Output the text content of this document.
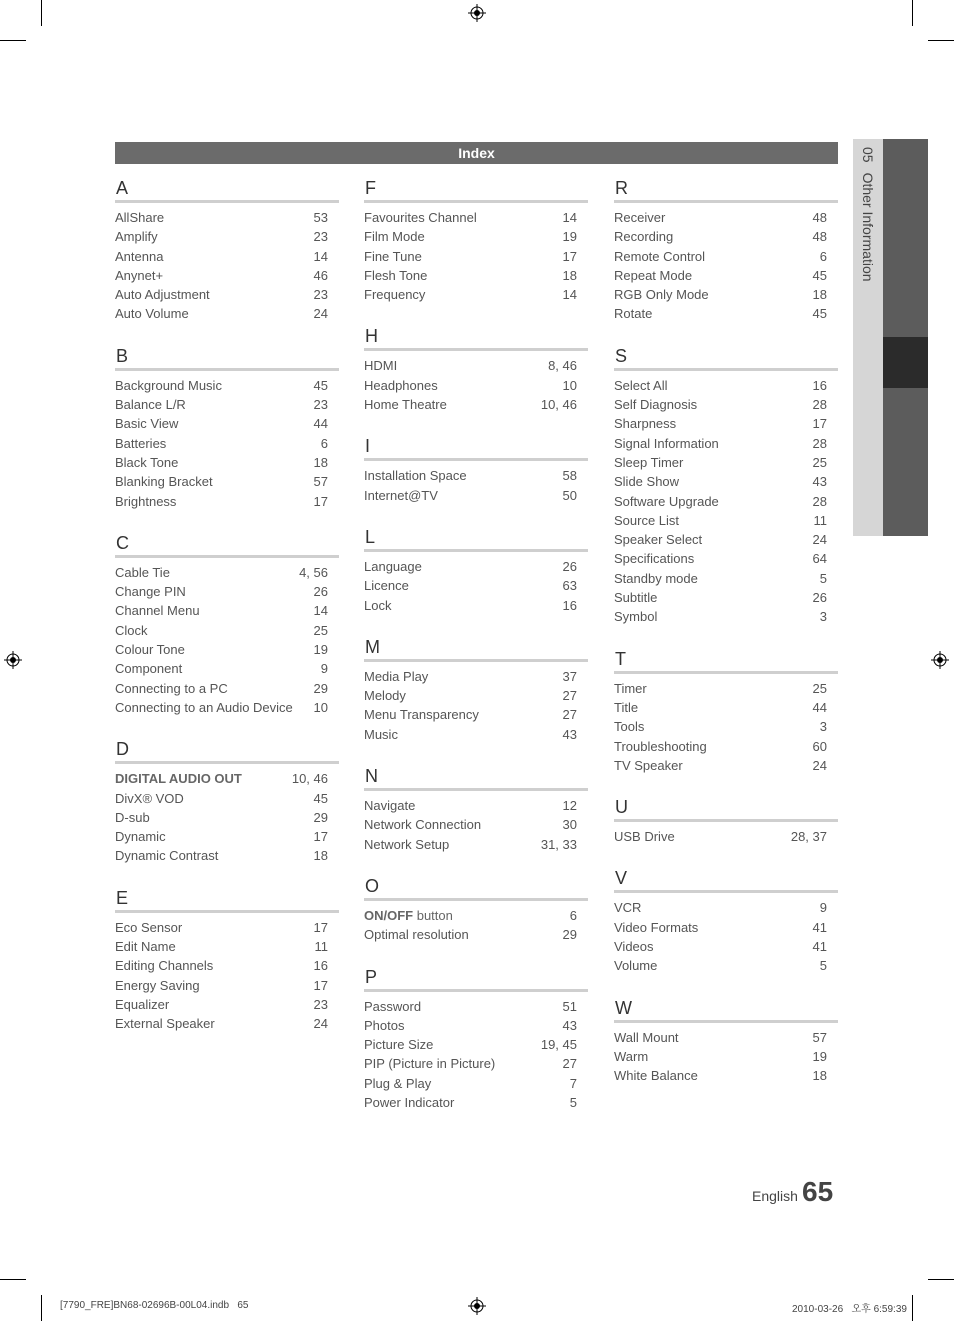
05Other Information
Index
A
AllShare	53
Amplify	23
Antenna	14
Anynet+	46
Auto Adjustment	23
Auto Volume	24
B
Background Music	45
Balance L/R	23
Basic View	44
Batteries	6
Black Tone	18
Blanking Bracket	57
Brightness	17
C
Cable Tie	4, 56
Change PIN	26
Channel Menu	14
Clock	25
Colour Tone	19
Component	9
Connecting to a PC	29
Connecting to an Audio Device 10
D
DIGITAL AUDIO OUT	10, 46
DivX® VOD	45
D-sub	29
Dynamic	17
Dynamic Contrast	18
E
Eco Sensor	17
Edit Name	11
Editing Channels	16
Energy Saving	17
Equalizer	23
External Speaker	24
F
Favourites Channel	14
Film Mode	19
Fine Tune	17
Flesh Tone	18
Frequency	14
H
HDMI	8, 46
Headphones	10
Home Theatre	10, 46
I
Installation Space	58
Internet@TV	50
L
Language	26
Licence	63
Lock	16
M
Media Play	37
Melody	27
Menu Transparency	27
Music	43
N
Navigate	12
Network Connection	30
Network Setup	31, 33
O
ON/OFF button	6
Optimal resolution	29
P
Password	51
Photos	43
Picture Size	19, 45
PIP (Picture in Picture)	27
Plug & Play	7
Power Indicator	5
R
Receiver	48
Recording	48
Remote Control	6
Repeat Mode	45
RGB Only Mode	18
Rotate	45
S
Select All	16
Self Diagnosis	28
Sharpness	17
Signal Information	28
Sleep Timer	25
Slide Show	43
Software Upgrade	28
Source List	11
Speaker Select	24
Specifications	64
Standby mode	5
Subtitle	26
Symbol	3
T
Timer	25
Title	44
Tools	3
Troubleshooting	60
TV Speaker	24
U
USB Drive	28, 37
V
VCR	9
Video Formats	41
Videos	41
Volume	5
W
Wall Mount	57
Warm	19
White Balance	18
English 65
[7790_FRE]BN68-02696B-00L04.indb   65	2010-03-26   오후 6:59:39
